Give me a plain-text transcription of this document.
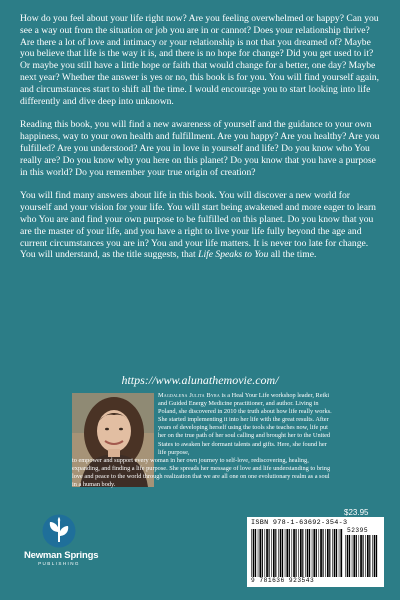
How do you feel about your life right now? Are you feeling overwhelmed or happy? Can you see a way out from the situation or job you are in or cannot? Does your relationship thrive? Are there a lot of love and intimacy or your relationship is not that you dreamed of? Maybe you believe that life is the way it is, and there is no hope for change? Did you get used to it? Or maybe you still have a little hope or faith that would change for a better, one day? Maybe next year? Whether the answer is yes or no, this book is for you. You will find yourself again, and circumstances start to shift all the time. I would encourage you to start looking into life differently and dive deep into unknown.

Reading this book, you will find a new awareness of yourself and the guidance to your own happiness, way to your own health and fulfillment. Are you happy? Are you healthy? Are you fulfilled? Are you understood? Are you in love in yourself and life? Do you know who You really are? Do you know why you here on this planet? Do you know that you have a purpose in this world? Do you remember your true origin of creation?

You will find many answers about life in this book. You will discover a new world for yourself and your vision for your life. You will start being awakened and more eager to learn who You are and find your own purpose to be fulfilled on this planet. Do you know that you are the master of your life, and you have a right to live your life fully beyond the age and current circumstances you are in? You and your life matters. It is never too late for change. You will understand, as the title suggests, that Life Speaks to You all the time.

https://www.alunathemovie.com/
Magdalena Julita Byra is a Heal Your Life workshop leader, Reiki and Guided Energy Medicine practitioner, and author. Living in Poland, she discovered in 2010 the truth about how life really works. She started implementing it into her life with the great results. After years of developing herself using the tools she teaches now, life put her on the true path of her soul calling and brought her to the United States to awaken her dormant talents and gifts. Here, she found her life purpose,
to empower and support every woman in her own journey to self-love, rediscovering, healing, expanding, and finding a life purpose. She spreads her message of love and life understanding to bring love and peace to the world through realization that we are all one on one evolutionary realm as a soul in a human body.
Newman Springs
PUBLISHING
$23.95
ISBN 978-1-63692-354-3
52395
9 781636 923543
